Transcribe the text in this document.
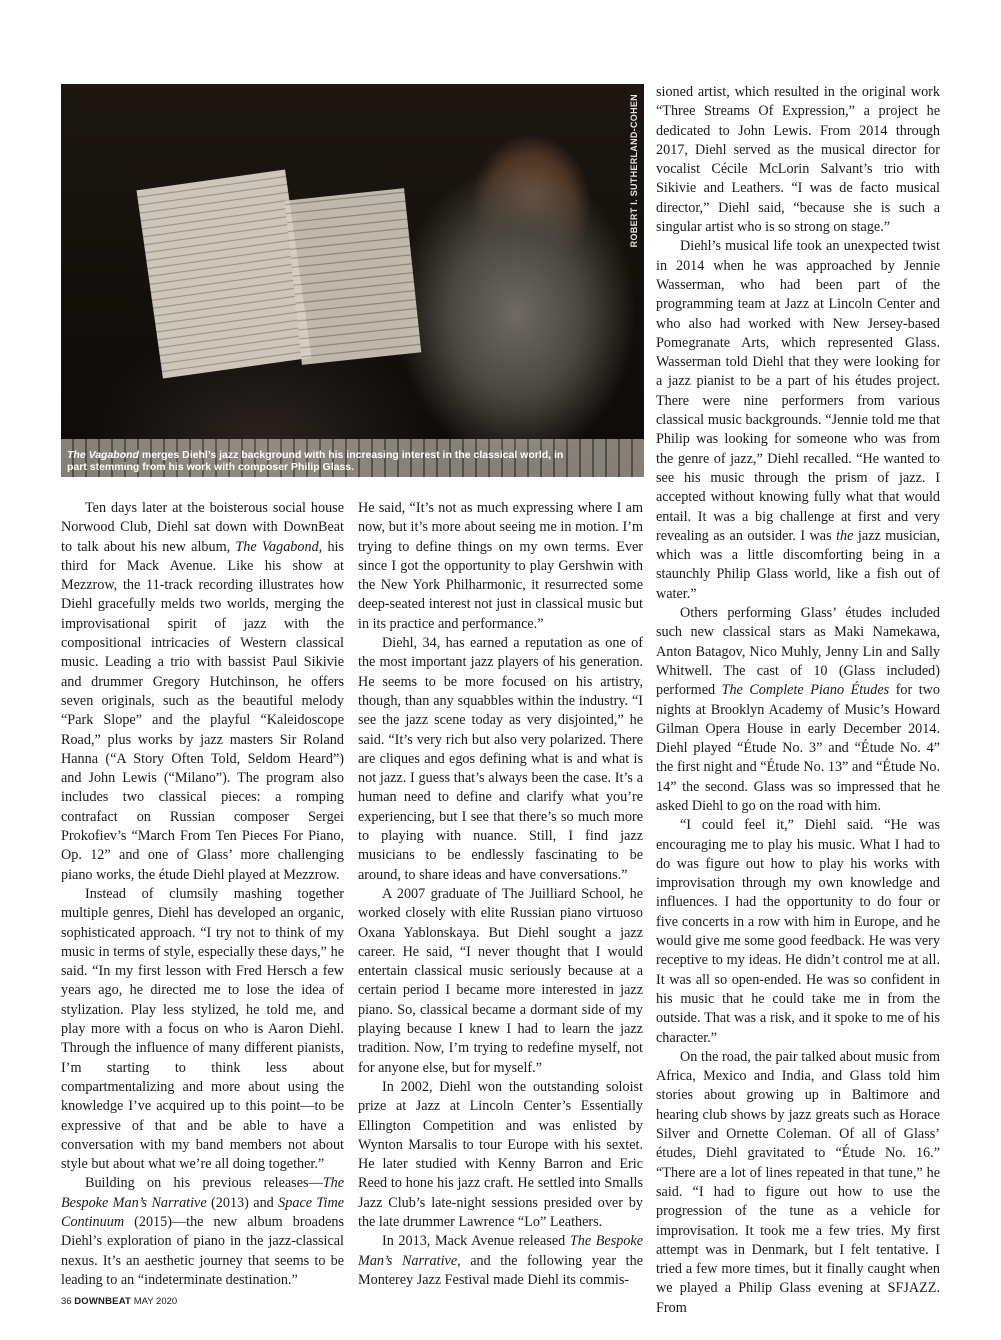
ROBERT I. SUTHERLAND-COHEN
The Vagabond merges Diehl’s jazz background with his increasing interest in the classical world, in part stemming from his work with composer Philip Glass.

Ten days later at the boisterous social house Norwood Club, Diehl sat down with DownBeat to talk about his new album, The Vagabond, his third for Mack Avenue. Like his show at Mezzrow, the 11-track recording illustrates how Diehl gracefully melds two worlds, merging the improvisational spirit of jazz with the compositional intricacies of Western classical music. Leading a trio with bassist Paul Sikivie and drummer Gregory Hutchinson, he offers seven originals, such as the beautiful melody “Park Slope” and the playful “Kaleidoscope Road,” plus works by jazz masters Sir Roland Hanna (“A Story Often Told, Seldom Heard”) and John Lewis (“Milano”). The program also includes two classical pieces: a romping contrafact on Russian composer Sergei Prokofiev’s “March From Ten Pieces For Piano, Op. 12” and one of Glass’ more challenging piano works, the étude Diehl played at Mezzrow.

Instead of clumsily mashing together multiple genres, Diehl has developed an organic, sophisticated approach. “I try not to think of my music in terms of style, especially these days,” he said. “In my first lesson with Fred Hersch a few years ago, he directed me to lose the idea of stylization. Play less stylized, he told me, and play more with a focus on who is Aaron Diehl. Through the influence of many different pianists, I’m starting to think less about compartmentalizing and more about using the knowledge I’ve acquired up to this point—to be expressive of that and be able to have a conversation with my band members not about style but about what we’re all doing together.”

Building on his previous releases—The Bespoke Man’s Narrative (2013) and Space Time Continuum (2015)—the new album broadens Diehl’s exploration of piano in the jazz-classical nexus. It’s an aesthetic journey that seems to be leading to an “indeterminate destination.”

He said, “It’s not as much expressing where I am now, but it’s more about seeing me in motion. I’m trying to define things on my own terms. Ever since I got the opportunity to play Gershwin with the New York Philharmonic, it resurrected some deep-seated interest not just in classical music but in its practice and performance.”

Diehl, 34, has earned a reputation as one of the most important jazz players of his generation. He seems to be more focused on his artistry, though, than any squabbles within the industry. “I see the jazz scene today as very disjointed,” he said. “It’s very rich but also very polarized. There are cliques and egos defining what is and what is not jazz. I guess that’s always been the case. It’s a human need to define and clarify what you’re experiencing, but I see that there’s so much more to playing with nuance. Still, I find jazz musicians to be endlessly fascinating to be around, to share ideas and have conversations.”

A 2007 graduate of The Juilliard School, he worked closely with elite Russian piano virtuoso Oxana Yablonskaya. But Diehl sought a jazz career. He said, “I never thought that I would entertain classical music seriously because at a certain period I became more interested in jazz piano. So, classical became a dormant side of my playing because I knew I had to learn the jazz tradition. Now, I’m trying to redefine myself, not for anyone else, but for myself.”

In 2002, Diehl won the outstanding soloist prize at Jazz at Lincoln Center’s Essentially Ellington Competition and was enlisted by Wynton Marsalis to tour Europe with his sextet. He later studied with Kenny Barron and Eric Reed to hone his jazz craft. He settled into Smalls Jazz Club’s late-night sessions presided over by the late drummer Lawrence “Lo” Leathers.

In 2013, Mack Avenue released The Bespoke Man’s Narrative, and the following year the Monterey Jazz Festival made Diehl its commis-

sioned artist, which resulted in the original work “Three Streams Of Expression,” a project he dedicated to John Lewis. From 2014 through 2017, Diehl served as the musical director for vocalist Cécile McLorin Salvant’s trio with Sikivie and Leathers. “I was de facto musical director,” Diehl said, “because she is such a singular artist who is so strong on stage.”

Diehl’s musical life took an unexpected twist in 2014 when he was approached by Jennie Wasserman, who had been part of the programming team at Jazz at Lincoln Center and who also had worked with New Jersey-based Pomegranate Arts, which represented Glass. Wasserman told Diehl that they were looking for a jazz pianist to be a part of his études project. There were nine performers from various classical music backgrounds. “Jennie told me that Philip was looking for someone who was from the genre of jazz,” Diehl recalled. “He wanted to see his music through the prism of jazz. I accepted without knowing fully what that would entail. It was a big challenge at first and very revealing as an outsider. I was the jazz musician, which was a little discomforting being in a staunchly Philip Glass world, like a fish out of water.”

Others performing Glass’ études included such new classical stars as Maki Namekawa, Anton Batagov, Nico Muhly, Jenny Lin and Sally Whitwell. The cast of 10 (Glass included) performed The Complete Piano Études for two nights at Brooklyn Academy of Music’s Howard Gilman Opera House in early December 2014. Diehl played “Étude No. 3” and “Étude No. 4” the first night and “Étude No. 13” and “Étude No. 14” the second. Glass was so impressed that he asked Diehl to go on the road with him.

“I could feel it,” Diehl said. “He was encouraging me to play his music. What I had to do was figure out how to play his works with improvisation through my own knowledge and influences. I had the opportunity to do four or five concerts in a row with him in Europe, and he would give me some good feedback. He was very receptive to my ideas. He didn’t control me at all. It was all so open-ended. He was so confident in his music that he could take me in from the outside. That was a risk, and it spoke to me of his character.”

On the road, the pair talked about music from Africa, Mexico and India, and Glass told him stories about growing up in Baltimore and hearing club shows by jazz greats such as Horace Silver and Ornette Coleman. Of all of Glass’ études, Diehl gravitated to “Étude No. 16.” “There are a lot of lines repeated in that tune,” he said. “I had to figure out how to use the progression of the tune as a vehicle for improvisation. It took me a few tries. My first attempt was in Denmark, but I felt tentative. I tried a few more times, but it finally caught when we played a Philip Glass evening at SFJAZZ. From

36 DOWNBEAT MAY 2020
